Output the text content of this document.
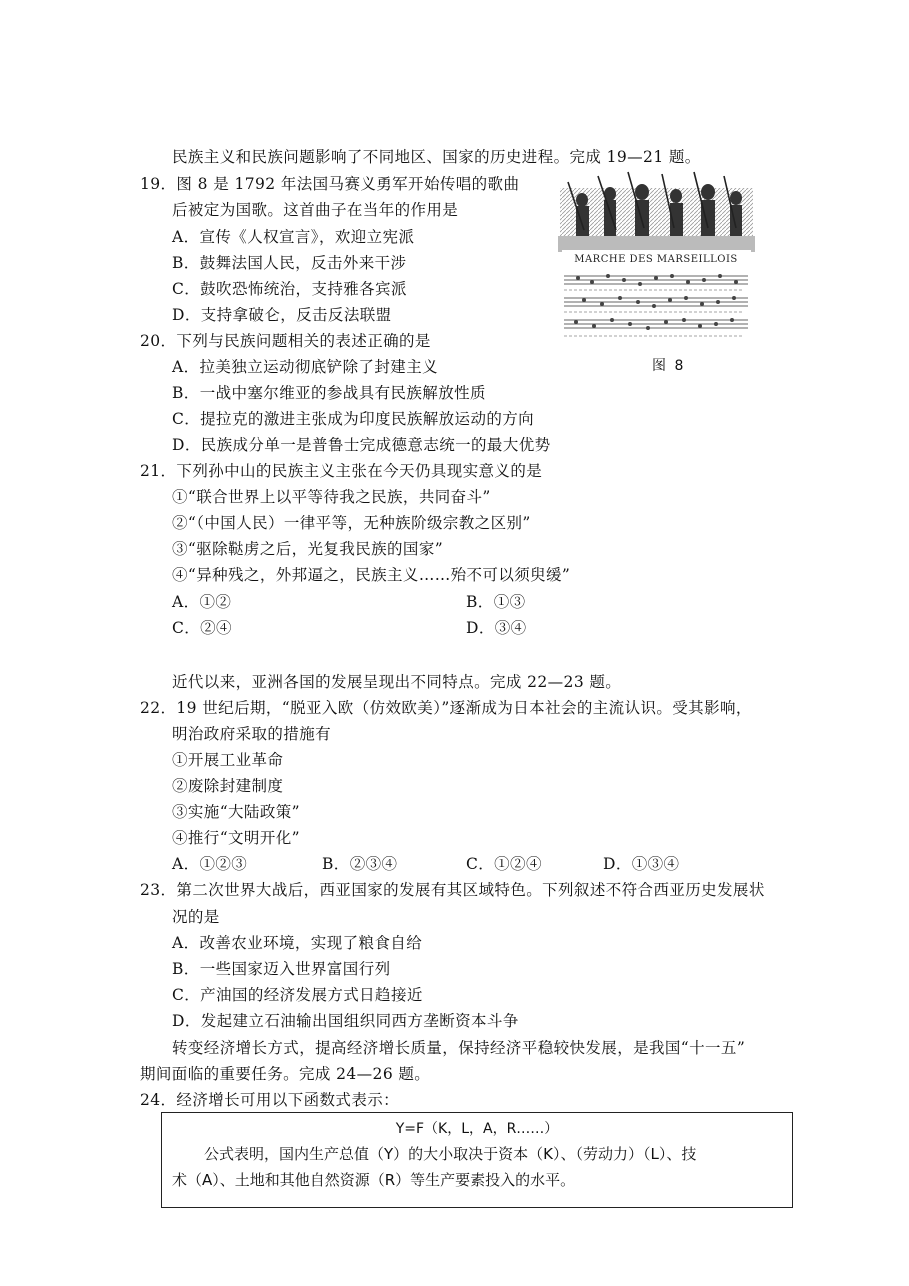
民族主义和民族问题影响了不同地区、国家的历史进程。完成 19—21 题。
19．图 8 是 1792 年法国马赛义勇军开始传唱的歌曲
后被定为国歌。这首曲子在当年的作用是
A．宣传《人权宣言》，欢迎立宪派
B．鼓舞法国人民，反击外来干涉
C．鼓吹恐怖统治，支持雅各宾派
D．支持拿破仑，反击反法联盟
MARCHE DES MARSEILLOIS
图 8
20．下列与民族问题相关的表述正确的是
A．拉美独立运动彻底铲除了封建主义
B．一战中塞尔维亚的参战具有民族解放性质
C．提拉克的激进主张成为印度民族解放运动的方向
D．民族成分单一是普鲁士完成德意志统一的最大优势
21．下列孙中山的民族主义主张在今天仍具现实意义的是
①“联合世界上以平等待我之民族，共同奋斗”
②“（中国人民）一律平等，无种族阶级宗教之区别”
③“驱除鞑虏之后，光复我民族的国家”
④“异种残之，外邦逼之，民族主义……殆不可以须臾缓”
A．①②	B．①③
C．②④	D．③④
近代以来，亚洲各国的发展呈现出不同特点。完成 22—23 题。
22．19 世纪后期，“脱亚入欧（仿效欧美）”逐渐成为日本社会的主流认识。受其影响，
明治政府采取的措施有
①开展工业革命
②废除封建制度
③实施“大陆政策”
④推行“文明开化”
A．①②③	B．②③④	C．①②④	D．①③④
23．第二次世界大战后，西亚国家的发展有其区域特色。下列叙述不符合西亚历史发展状
况的是
A．改善农业环境，实现了粮食自给
B．一些国家迈入世界富国行列
C．产油国的经济发展方式日趋接近
D．发起建立石油输出国组织同西方垄断资本斗争
转变经济增长方式，提高经济增长质量，保持经济平稳较快发展，是我国“十一五”
期间面临的重要任务。完成 24—26 题。
24．经济增长可用以下函数式表示：
Y=F（K，L，A，R……）
公式表明，国内生产总值（Y）的大小取决于资本（K）、（劳动力）（L）、技
术（A）、土地和其他自然资源（R）等生产要素投入的水平。
